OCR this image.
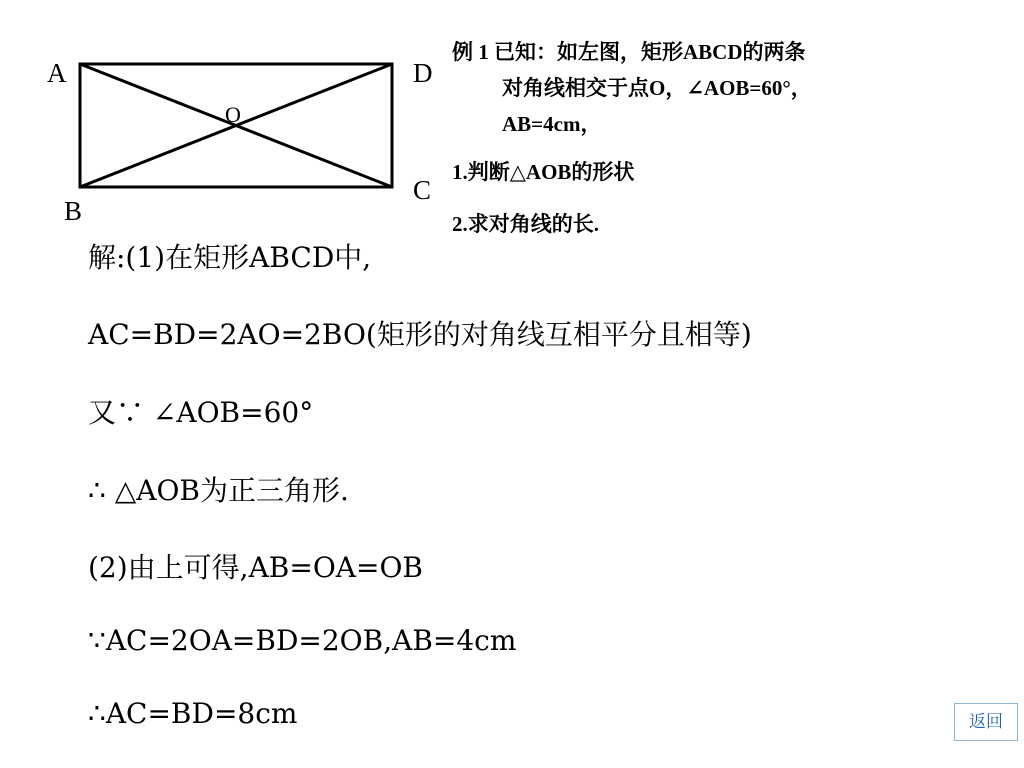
A	D
C
B
O
例 1 已知：如左图，矩形ABCD的两条
对角线相交于点O，∠AOB=60°，
AB=4cm，
1.判断△AOB的形状
2.求对角线的长.
解:(1)在矩形ABCD中,
AC=BD=2AO=2BO(矩形的对角线互相平分且相等)
又∵ ∠AOB=60°
∴ △AOB为正三角形.
(2)由上可得,AB=OA=OB
∵AC=2OA=BD=2OB,AB=4cm
∴AC=BD=8cm	返回
